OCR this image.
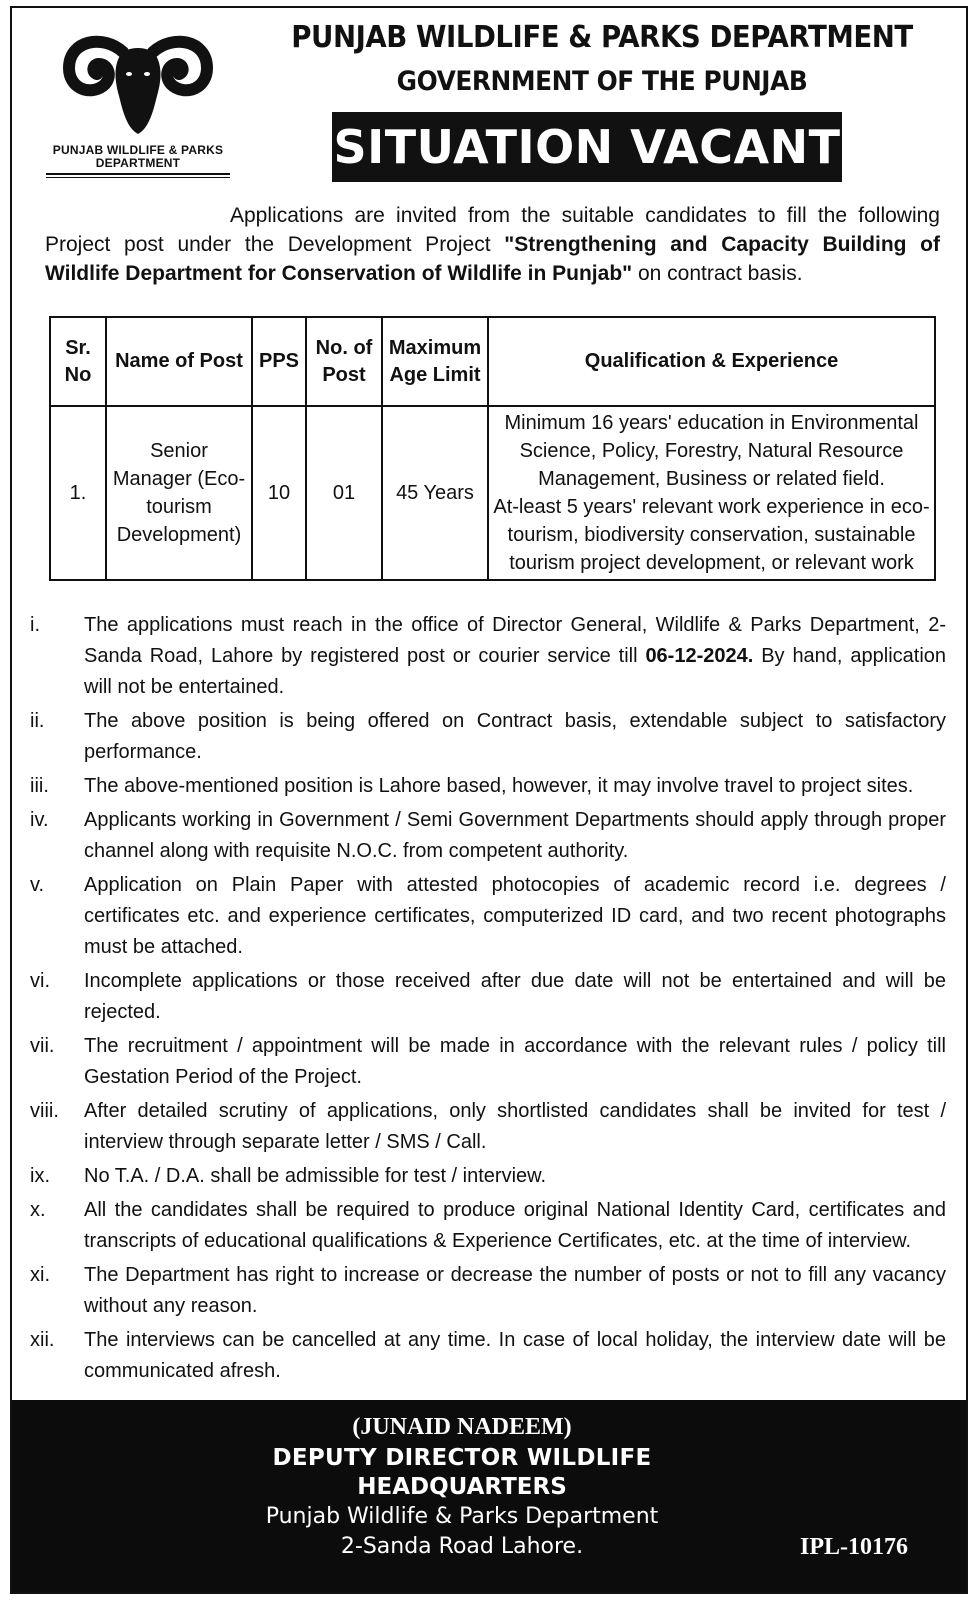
PUNJAB WILDLIFE & PARKS
DEPARTMENT
PUNJAB WILDLIFE & PARKS DEPARTMENT
GOVERNMENT OF THE PUNJAB
SITUATION VACANT
Applications are invited from the suitable candidates to fill the following Project post under the Development Project "Strengthening and Capacity Building of Wildlife Department for Conservation of Wildlife in Punjab" on contract basis.
Sr. No	Name of Post	PPS	No. of Post	Maximum Age Limit	Qualification & Experience
1.	Senior Manager (Eco-tourism Development)	10	01	45 Years	Minimum 16 years' education in Environmental Science, Policy, Forestry, Natural Resource Management, Business or related field.

At-least 5 years' relevant work experience in eco-tourism, biodiversity conservation, sustainable tourism project development, or relevant work

i.	The applications must reach in the office of Director General, Wildlife & Parks Department, 2-Sanda Road, Lahore by registered post or courier service till 06-12-2024. By hand, application will not be entertained.
ii.	The above position is being offered on Contract basis, extendable subject to satisfactory performance.
iii.	The above-mentioned position is Lahore based, however, it may involve travel to project sites.
iv.	Applicants working in Government / Semi Government Departments should apply through proper channel along with requisite N.O.C. from competent authority.
v.	Application on Plain Paper with attested photocopies of academic record i.e. degrees / certificates etc. and experience certificates, computerized ID card, and two recent photographs must be attached.
vi.	Incomplete applications or those received after due date will not be entertained and will be rejected.
vii.	The recruitment / appointment will be made in accordance with the relevant rules / policy till Gestation Period of the Project.
viii.	After detailed scrutiny of applications, only shortlisted candidates shall be invited for test / interview through separate letter / SMS / Call.
ix.	No T.A. / D.A. shall be admissible for test / interview.
x.	All the candidates shall be required to produce original National Identity Card, certificates and transcripts of educational qualifications & Experience Certificates, etc. at the time of interview.
xi.	The Department has right to increase or decrease the number of posts or not to fill any vacancy without any reason.
xii.	The interviews can be cancelled at any time. In case of local holiday, the interview date will be communicated afresh.
(JUNAID NADEEM)
DEPUTY DIRECTOR WILDLIFE
HEADQUARTERS
Punjab Wildlife & Parks Department
2-Sanda Road Lahore.	IPL-10176
